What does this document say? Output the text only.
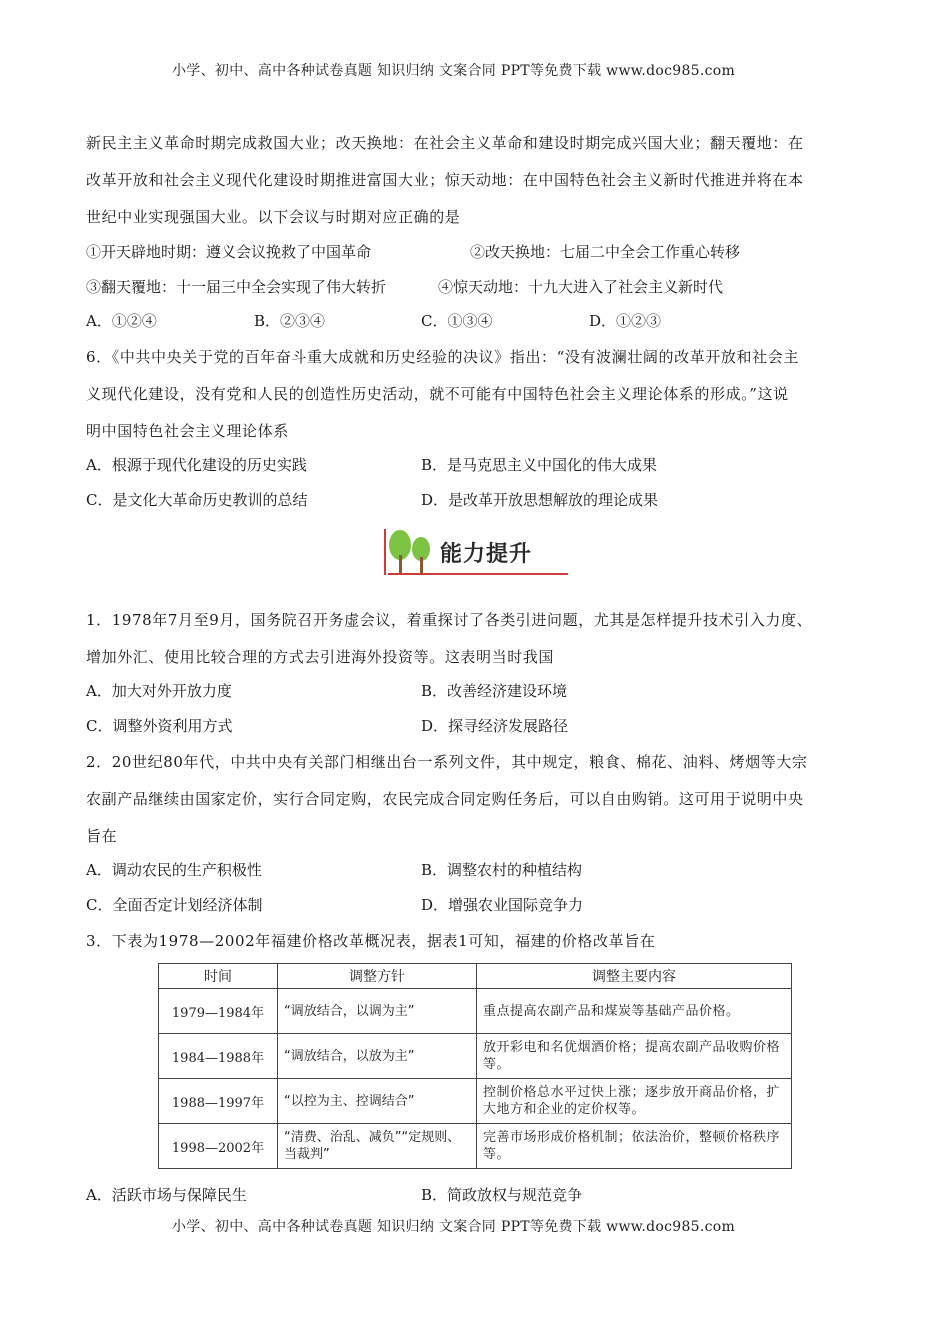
小学、初中、高中各种试卷真题 知识归纳 文案合同 PPT等免费下载 www.doc985.com
新民主主义革命时期完成救国大业；改天换地：在社会主义革命和建设时期完成兴国大业；翻天覆地：在
改革开放和社会主义现代化建设时期推进富国大业；惊天动地：在中国特色社会主义新时代推进并将在本
世纪中业实现强国大业。以下会议与时期对应正确的是
①开天辟地时期：遵义会议挽救了中国革命	②改天换地：七届二中全会工作重心转移
③翻天覆地：十一届三中全会实现了伟大转折	④惊天动地：十九大进入了社会主义新时代
A．①②④	B．②③④	C．①③④	D．①②③
6．《中共中央关于党的百年奋斗重大成就和历史经验的决议》指出：“没有波澜壮阔的改革开放和社会主
义现代化建设，没有党和人民的创造性历史活动，就不可能有中国特色社会主义理论体系的形成。”这说
明中国特色社会主义理论体系
A．根源于现代化建设的历史实践	B．是马克思主义中国化的伟大成果
C．是文化大革命历史教训的总结	D．是改革开放思想解放的理论成果
能力提升
1．1978年7月至9月，国务院召开务虚会议，着重探讨了各类引进问题，尤其是怎样提升技术引入力度、
增加外汇、使用比较合理的方式去引进海外投资等。这表明当时我国
A．加大对外开放力度	B．改善经济建设环境
C．调整外资利用方式	D．探寻经济发展路径
2．20世纪80年代，中共中央有关部门相继出台一系列文件，其中规定，粮食、棉花、油料、烤烟等大宗
农副产品继续由国家定价，实行合同定购，农民完成合同定购任务后，可以自由购销。这可用于说明中央
旨在
A．调动农民的生产积极性	B．调整农村的种植结构
C．全面否定计划经济体制	D．增强农业国际竞争力
3．下表为1978—2002年福建价格改革概况表，据表1可知，福建的价格改革旨在
时间	调整方针	调整主要内容
1979—1984年	“调放结合，以调为主”	重点提高农副产品和煤炭等基础产品价格。
1984—1988年	“调放结合，以放为主”	放开彩电和名优烟酒价格；提高农副产品收购价格等。
1988—1997年	“以控为主、控调结合”	控制价格总水平过快上涨；逐步放开商品价格，扩大地方和企业的定价权等。
1998—2002年	“清费、治乱、减负”“定规则、当裁判”	完善市场形成价格机制；依法治价，整顿价格秩序等。
A．活跃市场与保障民生	B．简政放权与规范竞争
小学、初中、高中各种试卷真题 知识归纳 文案合同 PPT等免费下载 www.doc985.com
